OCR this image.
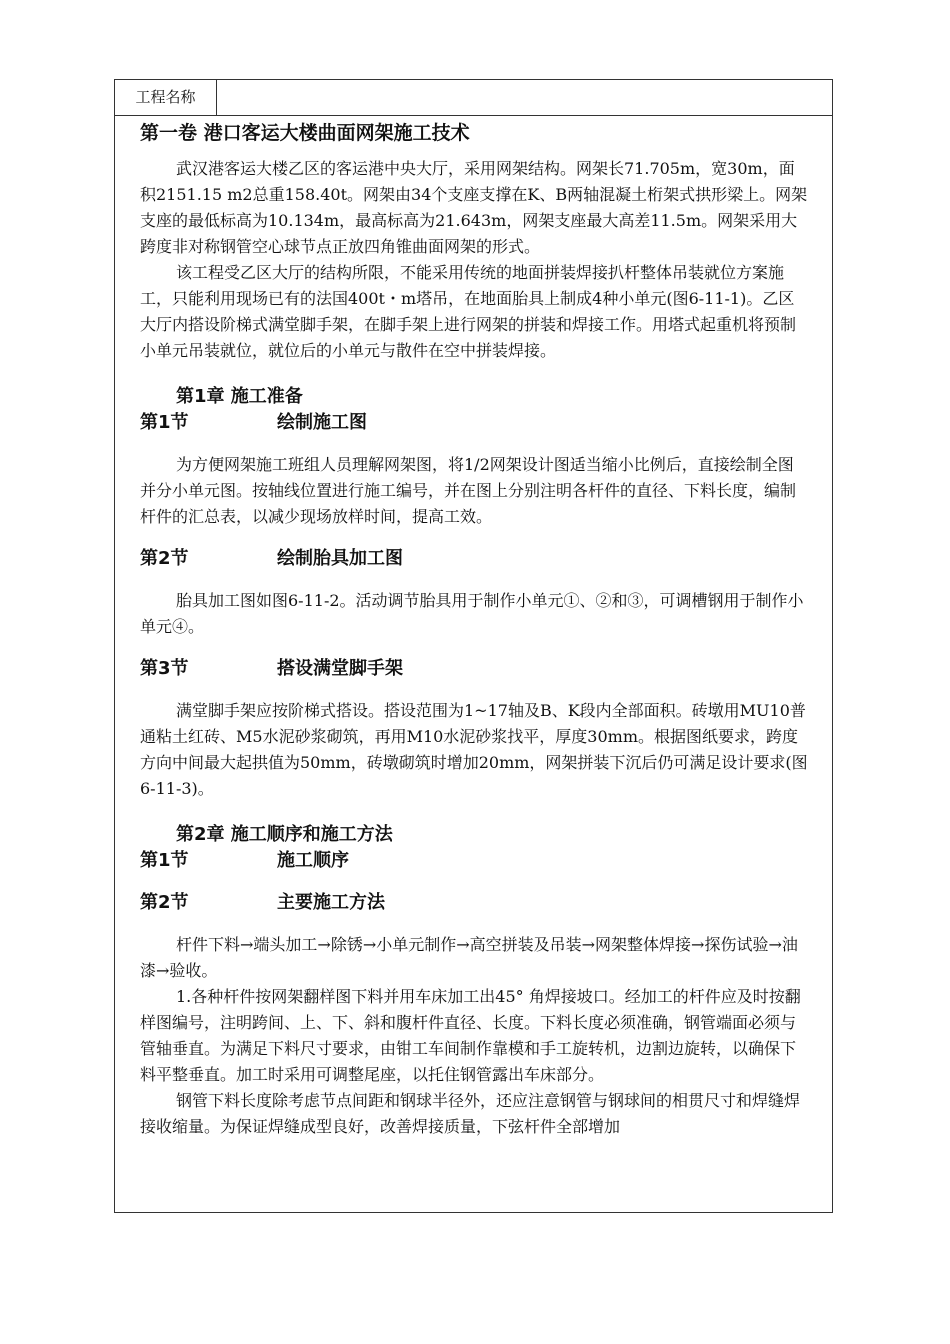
工程名称
第一卷 港口客运大楼曲面网架施工技术

武汉港客运大楼乙区的客运港中央大厅，采用网架结构。网架长71.705m，宽30m，面积2151.15 m2总重158.40t。网架由34个支座支撑在K、B两轴混凝土桁架式拱形梁上。网架支座的最低标高为10.134m，最高标高为21.643m，网架支座最大高差11.5m。网架采用大跨度非对称钢管空心球节点正放四角锥曲面网架的形式。

该工程受乙区大厅的结构所限，不能采用传统的地面拼装焊接扒杆整体吊装就位方案施工，只能利用现场已有的法国400t・m塔吊，在地面胎具上制成4种小单元(图6-11-1)。乙区大厅内搭设阶梯式满堂脚手架，在脚手架上进行网架的拼装和焊接工作。用塔式起重机将预制小单元吊装就位，就位后的小单元与散件在空中拼装焊接。

第1章 施工准备
第1节	绘制施工图

为方便网架施工班组人员理解网架图，将1/2网架设计图适当缩小比例后，直接绘制全图并分小单元图。按轴线位置进行施工编号，并在图上分别注明各杆件的直径、下料长度，编制杆件的汇总表，以减少现场放样时间，提高工效。

第2节	绘制胎具加工图

胎具加工图如图6-11-2。活动调节胎具用于制作小单元①、②和③，可调槽钢用于制作小单元④。

第3节	搭设满堂脚手架

满堂脚手架应按阶梯式搭设。搭设范围为1~17轴及B、K段内全部面积。砖墩用MU10普通粘土红砖、M5水泥砂浆砌筑，再用M10水泥砂浆找平，厚度30mm。根据图纸要求，跨度方向中间最大起拱值为50mm，砖墩砌筑时增加20mm，网架拼装下沉后仍可满足设计要求(图6-11-3)。

第2章 施工顺序和施工方法
第1节	施工顺序
第2节	主要施工方法

杆件下料→端头加工→除锈→小单元制作→高空拼装及吊装→网架整体焊接→探伤试验→油漆→验收。

1.各种杆件按网架翻样图下料并用车床加工出45° 角焊接坡口。经加工的杆件应及时按翻样图编号，注明跨间、上、下、斜和腹杆件直径、长度。下料长度必须准确，钢管端面必须与管轴垂直。为满足下料尺寸要求，由钳工车间制作靠模和手工旋转机，边割边旋转，以确保下料平整垂直。加工时采用可调整尾座，以托住钢管露出车床部分。

钢管下料长度除考虑节点间距和钢球半径外，还应注意钢管与钢球间的相贯尺寸和焊缝焊接收缩量。为保证焊缝成型良好，改善焊接质量，下弦杆件全部增加
